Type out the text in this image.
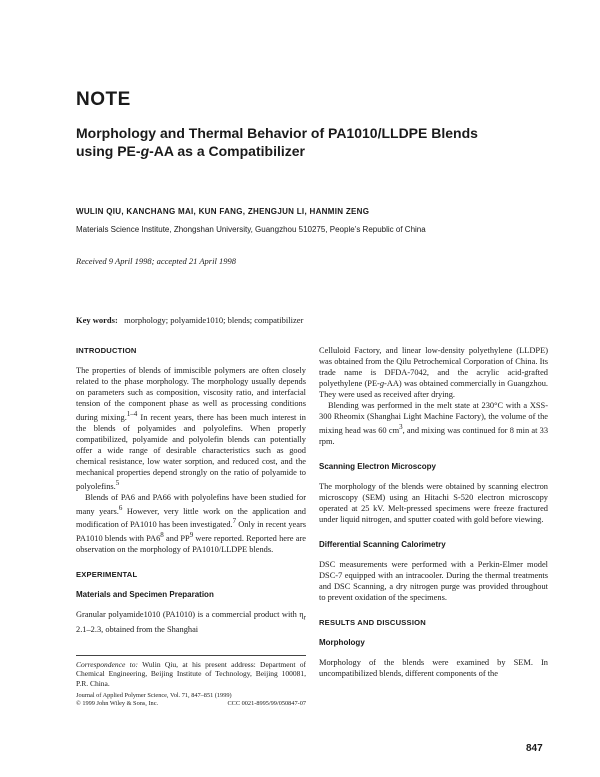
NOTE
Morphology and Thermal Behavior of PA1010/LLDPE Blends
using PE-g-AA as a Compatibilizer
WULIN QIU, KANCHANG MAI, KUN FANG, ZHENGJUN LI, HANMIN ZENG
Materials Science Institute, Zhongshan University, Guangzhou 510275, People’s Republic of China
Received 9 April 1998; accepted 21 April 1998
Key words: morphology; polyamide1010; blends; compatibilizer
INTRODUCTION

The properties of blends of immiscible polymers are often closely related to the phase morphology. The morphology usually depends on parameters such as composition, viscosity ratio, and interfacial tension of the component phase as well as processing conditions during mixing.$^{1-4}$ In recent years, there has been much interest in the blends of polyamides and polyolefins. When properly compatibilized, polyamide and polyolefin blends can potentially offer a wide range of desirable characteristics such as good chemical resistance, low water sorption, and reduced cost, and the mechanical properties depend strongly on the ratio of polyamide to polyolefins.$^5$

Blends of PA6 and PA66 with polyolefins have been studied for many years.$^6$ However, very little work on the application and modification of PA1010 has been investigated.$^7$ Only in recent years PA1010 blends with $PA6^8$ and $PP^9$ were reported. Reported here are observation on the morphology of PA1010/LLDPE blends.

EXPERIMENTAL
Materials and Specimen Preparation

Granular polyamide1010 (PA1010) is a commercial product with $\eta_r$ 2.1–2.3, obtained from the Shanghai

Correspondence to: Wulin Qiu, at his present address: Department of Chemical Engineering, Beijing Institute of Technology, Beijing 100081, P.R. China.
Journal of Applied Polymer Science, Vol. 71, 847–851 (1999)
© 1999 John Wiley & Sons, Inc.	CCC 0021-8995/99/050847-07

Celluloid Factory, and linear low-density polyethylene (LLDPE) was obtained from the Qilu Petrochemical Corporation of China. Its trade name is DFDA-7042, and the acrylic acid-grafted polyethylene (PE-g-AA) was obtained commercially in Guangzhou. They were used as received after drying.

Blending was performed in the melt state at 230°C with a XSS-300 Rheomix (Shanghai Light Machine Factory), the volume of the mixing head was 60 $cm^3$, and mixing was continued for 8 min at 33 rpm.

Scanning Electron Microscopy

The morphology of the blends were obtained by scanning electron microscopy (SEM) using an Hitachi S-520 electron microscopy operated at 25 kV. Melt-pressed specimens were freeze fractured under liquid nitrogen, and sputter coated with gold before viewing.

Differential Scanning Calorimetry

DSC measurements were performed with a Perkin-Elmer model DSC-7 equipped with an intracooler. During the thermal treatments and DSC Scanning, a dry nitrogen purge was provided throughout to prevent oxidation of the specimens.

RESULTS AND DISCUSSION
Morphology

Morphology of the blends were examined by SEM. In uncompatibilized blends, different components of the

847
